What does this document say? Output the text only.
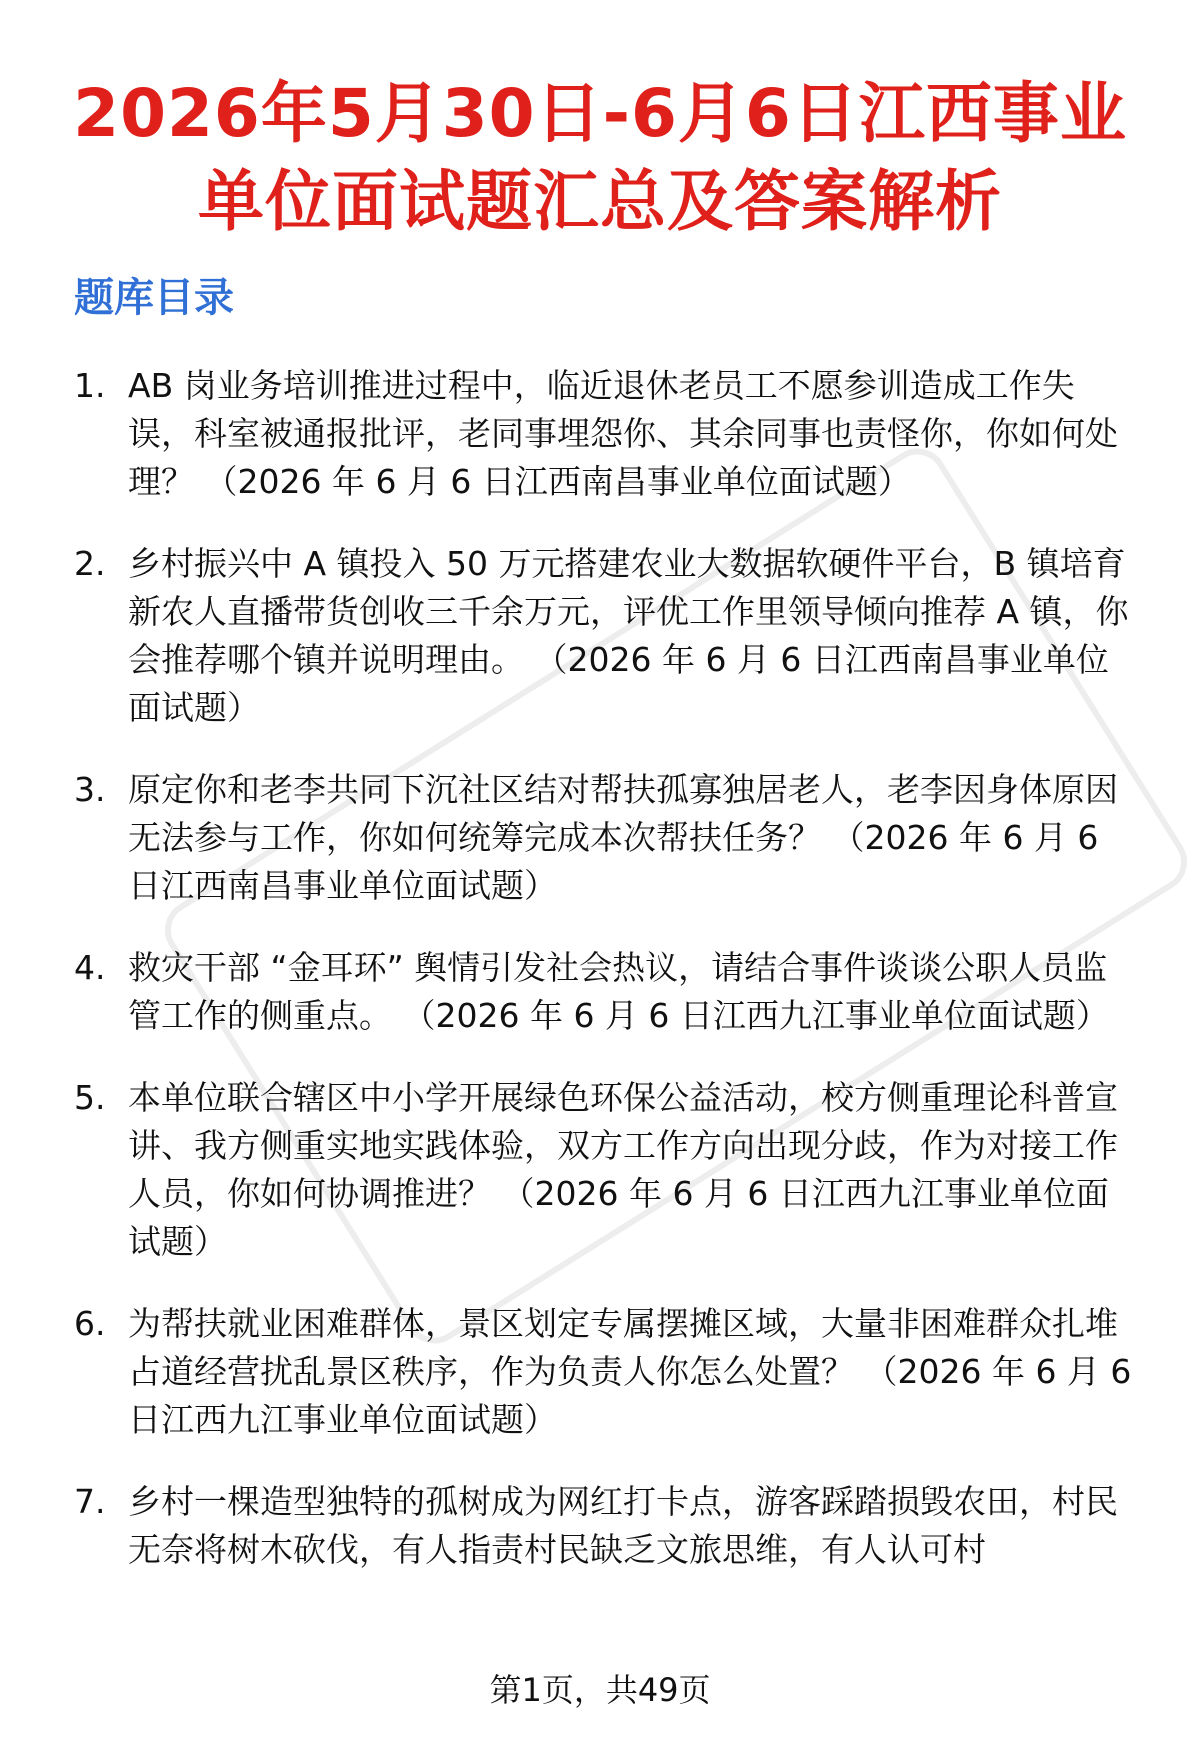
2026年5月30日-6月6日江西事业
单位面试题汇总及答案解析
题库目录
1. AB 岗业务培训推进过程中，临近退休老员工不愿参训造成工作失误，科室被通报批评，老同事埋怨你、其余同事也责怪你，你如何处理？ （2026 年 6 月 6 日江西南昌事业单位面试题）
2. 乡村振兴中 A 镇投入 50 万元搭建农业大数据软硬件平台，B 镇培育新农人直播带货创收三千余万元，评优工作里领导倾向推荐 A 镇，你会推荐哪个镇并说明理由。 （2026 年 6 月 6 日江西南昌事业单位面试题）
3. 原定你和老李共同下沉社区结对帮扶孤寡独居老人，老李因身体原因无法参与工作，你如何统筹完成本次帮扶任务？ （2026 年 6 月 6 日江西南昌事业单位面试题）
4. 救灾干部 “金耳环” 舆情引发社会热议，请结合事件谈谈公职人员监管工作的侧重点。 （2026 年 6 月 6 日江西九江事业单位面试题）
5. 本单位联合辖区中小学开展绿色环保公益活动，校方侧重理论科普宣讲、我方侧重实地实践体验，双方工作方向出现分歧，作为对接工作人员，你如何协调推进？ （2026 年 6 月 6 日江西九江事业单位面试题）
6. 为帮扶就业困难群体，景区划定专属摆摊区域，大量非困难群众扎堆占道经营扰乱景区秩序，作为负责人你怎么处置？ （2026 年 6 月 6 日江西九江事业单位面试题）
7. 乡村一棵造型独特的孤树成为网红打卡点，游客踩踏损毁农田，村民无奈将树木砍伐，有人指责村民缺乏文旅思维，有人认可村
第1页，共49页
